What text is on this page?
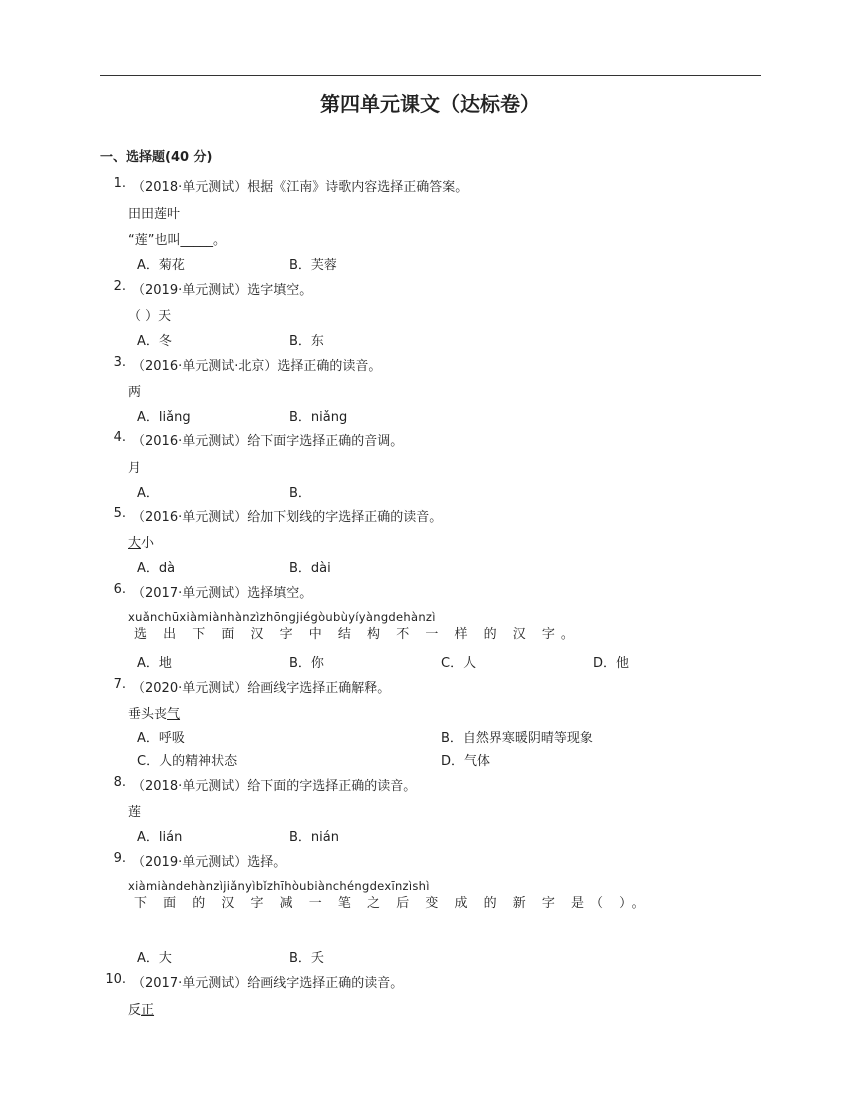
第四单元课文（达标卷）
一、选择题(40 分)
1. （2018·单元测试）根据《江南》诗歌内容选择正确答案。
田田莲叶
“莲”也叫_____。
A．菊花	B．芙蓉
2. （2019·单元测试）选字填空。
（ ）天
A．冬	B．东
3. （2016·单元测试·北京）选择正确的读音。
两
A．liǎng	B．niǎng
4. （2016·单元测试）给下面字选择正确的音调。
月
A．	B．
5. （2016·单元测试）给加下划线的字选择正确的读音。
大小
A．dà	B．dài
6. （2017·单元测试）选择填空。
xuǎnchūxiàmiànhànzìzhōngjiégòubùyíyàngdehànzì
选 出 下 面 汉 字 中 结 构 不 一 样 的 汉 字。
A．地	B．你	C．人	D．他
7. （2020·单元测试）给画线字选择正确解释。
垂头丧气
A．呼吸	B．自然界寒暖阴晴等现象
C．人的精神状态	D．气体
8. （2018·单元测试）给下面的字选择正确的读音。
莲
A．lián	B．nián
9. （2019·单元测试）选择。
xiàmiàndehànzìjiǎnyìbǐzhīhòubiànchéngdexīnzìshì
下 面 的 汉 字 减 一 笔 之 后 变 成 的 新 字 是（ ）。
A．大	B．夭
10. （2017·单元测试）给画线字选择正确的读音。
反正
